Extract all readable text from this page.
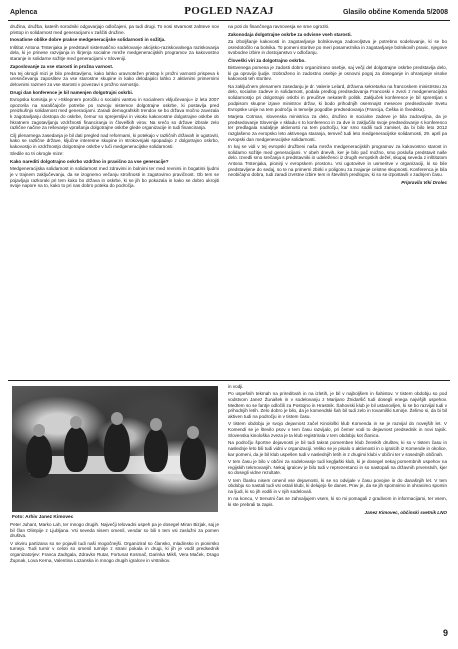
Aplenca	POGLED NAZAJ	Glasilo občine Komenda 5/2008

družina, družba, katerih sorodniki odgovarjajo odločajeni, pa tudi drugi. To nosi stvarnost zahteve nov pristop in solidarnost med generacijami v zaščiti družine.

Inovativne oblike dobre prakse medgeneracijske solidarnosti in sožitja.

Inštitut Antona Trstenjaka je predstavil sistematično sodelovanje akcijsko-raziskovalnega raziskovanja dela, ki je prinese razvijanja in širjenja socialne mreže medgeneracijskih programov za kakovostno staranje in solidarne sožitje med generacijami v Sloveniji.

Zaposlovanje za vse starosti in prožna varnost.

Na tej okrogli mizi je bilo predstavljeno, kako lahko uravnotežen pristop k prožni varnosti prispeva k uresničevanju zaposlitev za vse starostne skupine in kako delodajalci lahko z aktivnimi primernimi delovnimi razmeri za vse starosti v povezavi s prožno varnostjo.

Drugi dan konference je bil namenjen dolgotrajni oskrbi.

Evropska komisija je v »Sklepnem poročilu o socialni varstvu in socialnem vključevanju« iz leta 2007 opozorila na naraščajoče potrebe po razvoju sistemov dolgotrajne oskrbe, ki postavlja pred preizkušnjo solidarnost med generacijami. Zaradi demografskih trendov se bo država močno zavezala k zagotavljanju dostopa do oskrbe, čemur so sprejemljivi in visoko kakovostne dolgotrajne oskrbe ob hkratnem zagotavljanju vzdržnosti financiranja in človeških virov. Na srečo so države izbrale zelo različne načine za reševanje vprašanja dolgotrajne oskrbe glede organizacije in tudi financiranja.

Cilj plenarnega zasedanja je bil dati pregled nad reformami, ki potekajo v različnih državah in ugotoviti, kako se različne države, ključne interesne skupine in strokovnjaki spopadajo z dolgotrajno oskrbo, kakovostjo in vzdržnostjo dolgotrajne oskrbe v luči medgeneracijske solidarnosti.

Sledile so tri okrogle mize:

Kako narediti dolgotrajno oskrbo vzdržno in pravično za vse generacije?

Medgeneracijska solidarnost in solidarnost med zdravimi in bolnimi ter med revnimi in bogatimi ljudmi je v trajnem zaključevanju, da se izognemo večanju strošnosti in zagotovimo pravičnost. Ob tem se pojavljajo razkoraki pri tem kako bo država in oskrbe, ki se jih bo pokazala in kako se dobro ukrojiti svoje napore na to, kako to pri nas dobro poteka do področja.

na poti do finančnega ravnovesja ne sme ogroziti.

Zakonodaja dolgotrajne oskrbe za odvisne vseh starosti.

Za izboljšanje kakovosti in zagotavljanje bolnikovega zadovoljstva je potrebno sodelovanje, ki se bo osredotočilo na bolnika. To pomeni storitve po meri posameznika in zagotavljanje bolnikovih pravic, njegove svobodne izbire in dostojanstvo v odločanju.

Človeški viri za dolgotrajno oskrbo.

Bistvenega pomena je zadosti dobro organizirano osebje, saj večji del dolgotrajne oskrbe predstavlja delo, ki ga opravijo ljudje. Izobraženo in zadostno osebje je osnovni pogoj za doseganje in ohranjanje visoke kakovosti teh storitev.

Na zaključnem plenarnem zasedanju je dr. Valerie Lelard, državna sekretarka na francoskem ministrstvu za delo, socialne zadeve in solidarnost, podala predlog predsedovanja Francoski v zvezi z medgeneracijsko solidarnostjo pri dolgotrajni oskrbi in preučitve nekaterih politik. Zaključek konference je bil spremljan s podpisom skupne izjave ministrov držav, ki bodo prihodnjih osemnajst mesecev predsedovale Svetu Evropske unije na tem področju in temelje pogodbe predsedovanja (Francija, Češka in Švedska).

Marjeta Cotman, slovenska ministrica za delo, družino in socialne zadeve je bila zadovoljna, da je predsedovanje Slovenije v skladu s to konferenco in za dve in zaključilo svoje predsedovanje s konferenco ter predlagala nadaljnje aktivnosti na tem področju, kar smo sodili tudi zamisel, da bi bilo leto 2012 razglašeno za evropsko leto aktivnega staranja, temveč tudi leto medgeneracijske solidarnosti, 29. april pa evropski dan medgeneracijske solidarnosti.

In kaj se vidi v tej evropski družbeni naša mreža medgeneracijskih programov za kakovostno starost in solidarno sožitje med generacijami. V obeh dnevih, ker je bilo pač možno, smo posluša predstavit naše delo. Izvedli smo srečanja s predstavniki in udeleženci iz drugih evropskih dežel, skupaj seveda z inštitutom Antona Trstenjaka, pionirji v evropskem prostoru. Vsi ugotovitve in usmeritve v organizaciji, ki so bile predstavljene do sedaj, so te na primerni zbirki v poligonu za zvajanje celotne skupnosti. Konferenca je bila neobičajno dobra, tudi zaradi izvrstne izbire tem in številnih predlogov, ki so se izpostavili v zadnjem času.

Pripravila Viki Drolec

Foto: Arhiv Janez Kimovec

Peter Juhant, Marko Lah, ter mnogo drugih. Največji telovadni uspeh pa je dosegel Miran Bizjak, saj je bil član Olimpije z Ljubljana. Vsi seveda nisem omenil, vendar so bili s tem vsi zaslužni za pomen društva.

V okviru partizana so se pojavili tudi naši mogočnejši. Organiziral so člansko, mladinsko in pionirsko turnejo. Tudi turnir v celoti so omenil turnirje z strani pokala in drugi, ki jih je vodil predsednik organizatorjev: Franca Zadrgala, Zdravko Rutar, Fortunat Kosmač, Darinka Mikš, Vera Maček, Drago Župnak, Lova Kerna, Valentina Lozanska in mnogo drugih igralcev in vrstnikov.

in vodji.

Po uspešnih tekmah na prireditvah in na izletih, je bil v najboljšem in šahistov. V tistem obdobju so pod vodstvom Janez Žunašek in v sodelovanju z Marijano Žnidaršič tudi dosegli enega najvišjih uspehov. Medtem so se fantje odločili za Postojno in Hrastnik. Šahovski klub je bil ustanovljen, ki se bo razvijal tudi v prihodnjih letih. Zelo dobro je bilo, da je komendski šah bil tudi zelo in tovarniški turnirje. Želimo si, da bi bil aktiven tudi na področju in v tistem času.

V tistem obdobju je svojo dejavnost začel Kinološki klub Komenda in se je razvijal do novejših let. V Komendi se je število psov v tem času razvijalo, pri čemer vodi to dejavnost predsednik in novi tajnik. Slovenska kinološka zveza je ta klub registrirala v tem obdobju kot članica.

Na področju športne dejavnosti je bil tudi takrat pomemben klub ženskih društev, ki so v tistem času in naslednje leto bili tudi vidni v organizaciji. Veliko se je pisalo o aktivnosti in o igralcih iz Komende in okolice, kar pomeni, da je bil klub uspešen tudi v naslednjih letih in z drugimi klubi v občini ter v sosednjih občinah.

V tem času je bilo v občini za sodelovanje tudi kegljaški klub, ki je dosegel nekaj pomembnih uspehov na regijskih tekmovanjih. Nekaj igralcev je bilo tudi v reprezentanci in so nastopali na državnih prvenstvih, kjer so dosegli vidne rezultate.

V tem članku nisem omenil vse dejavnosti, ki se so odvijale v času povojne in do današnjih let. V tem obdobju so nastali tudi vsi ostali klubi, ki delujejo še danes. Prav je, da se jih spomnimo in ohranimo spomin na ljudi, ki so jih vodili in v njih sodelovali.

In na koncu, V trenutni čas se zahvaljujem vsem, ki so mi pomagali z gradivom in informacijami, ter vsem, ki ste prebrali ta zapis.

Janez Kimovec, občinski svetnik LNO

9
